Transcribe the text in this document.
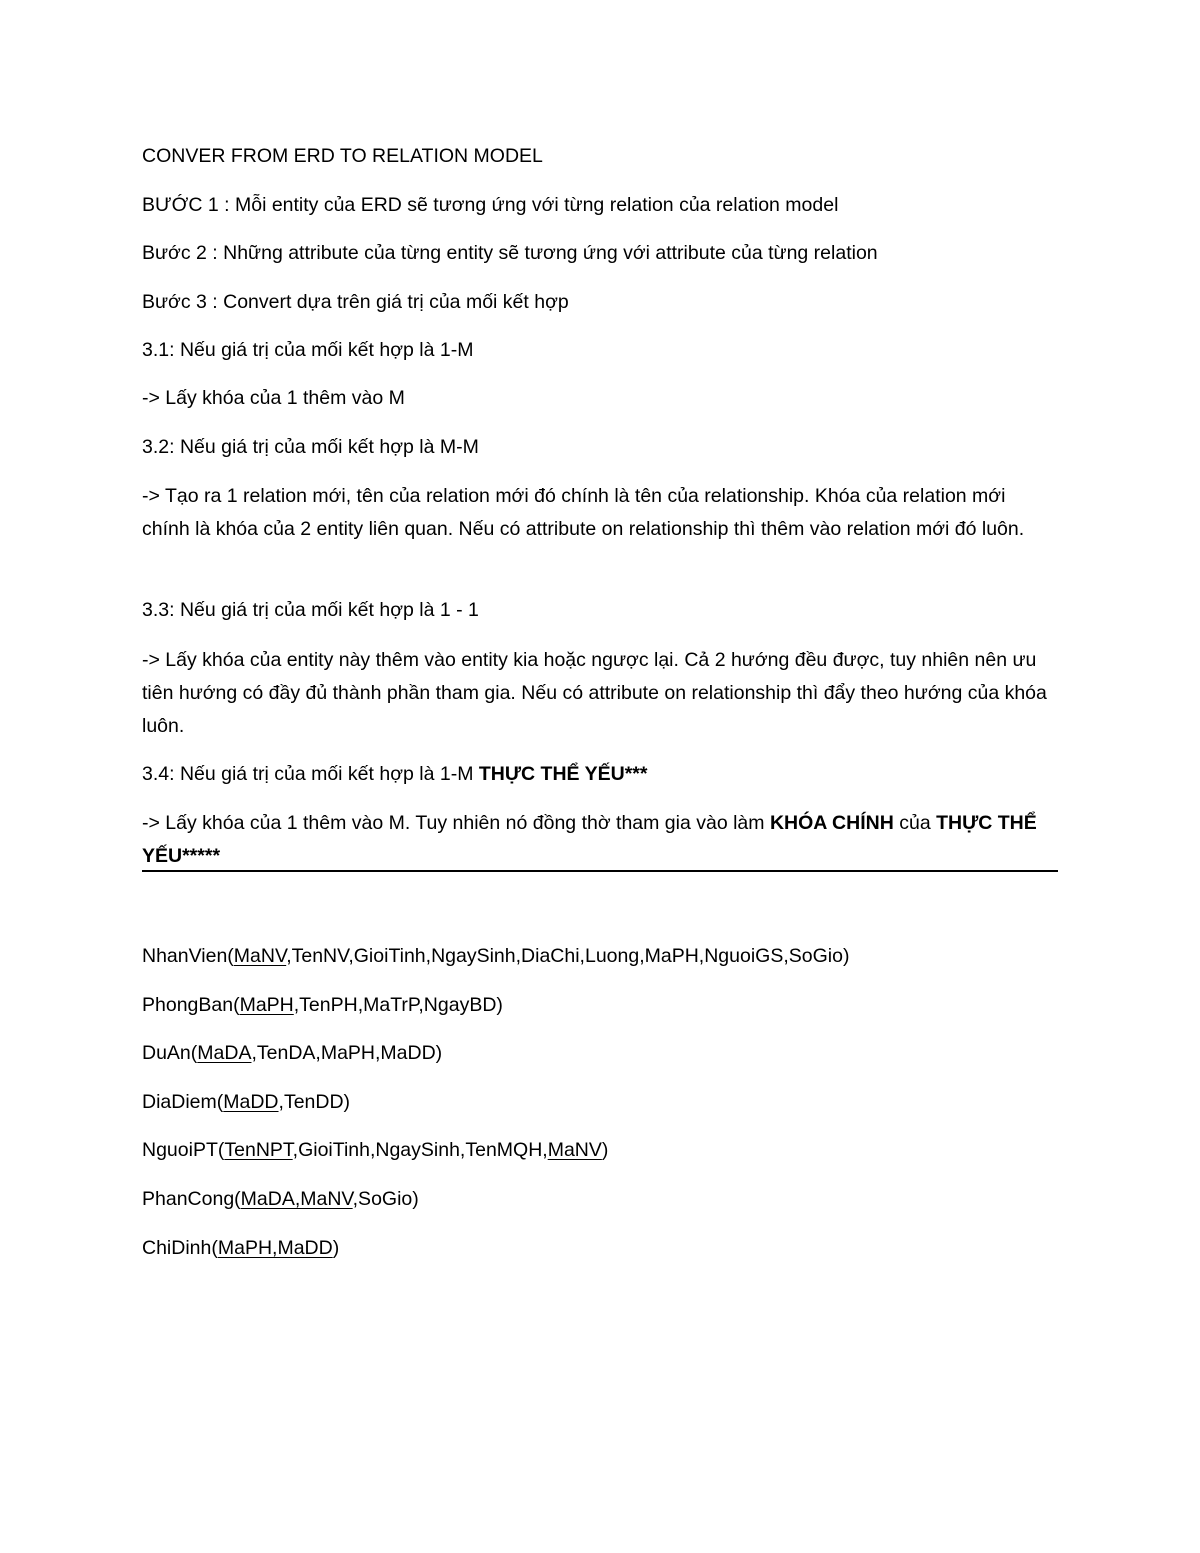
CONVER FROM ERD TO RELATION MODEL
BƯỚC 1 : Mỗi entity của ERD sẽ tương ứng với từng relation của relation model
Bước 2 : Những attribute của từng entity sẽ tương ứng với attribute của từng relation
Bước 3 : Convert dựa trên giá trị của mối kết hợp
3.1: Nếu giá trị của mối kết hợp là 1-M
-> Lấy khóa của 1 thêm vào M
3.2: Nếu giá trị của mối kết hợp là M-M
-> Tạo ra 1 relation mới, tên của relation mới đó chính là tên của relationship. Khóa của relation mới chính là khóa của 2 entity liên quan. Nếu có attribute on relationship thì thêm vào relation mới đó luôn.
3.3: Nếu giá trị của mối kết hợp là 1 - 1
-> Lấy khóa của entity này thêm vào entity kia hoặc ngược lại. Cả 2 hướng đều được, tuy nhiên nên ưu tiên hướng có đầy đủ thành phần tham gia. Nếu có attribute on relationship thì đẩy theo hướng của khóa luôn.
3.4: Nếu giá trị của mối kết hợp là 1-M THỰC THỂ YẾU***
-> Lấy khóa của 1 thêm vào M. Tuy nhiên nó đồng thờ tham gia vào làm KHÓA CHÍNH của THỰC THỂ YẾU*****
NhanVien(MaNV,TenNV,GioiTinh,NgaySinh,DiaChi,Luong,MaPH,NguoiGS,SoGio)
PhongBan(MaPH,TenPH,MaTrP,NgayBD)
DuAn(MaDA,TenDA,MaPH,MaDD)
DiaDiem(MaDD,TenDD)
NguoiPT(TenNPT,GioiTinh,NgaySinh,TenMQH,MaNV)
PhanCong(MaDA,MaNV,SoGio)
ChiDinh(MaPH,MaDD)
